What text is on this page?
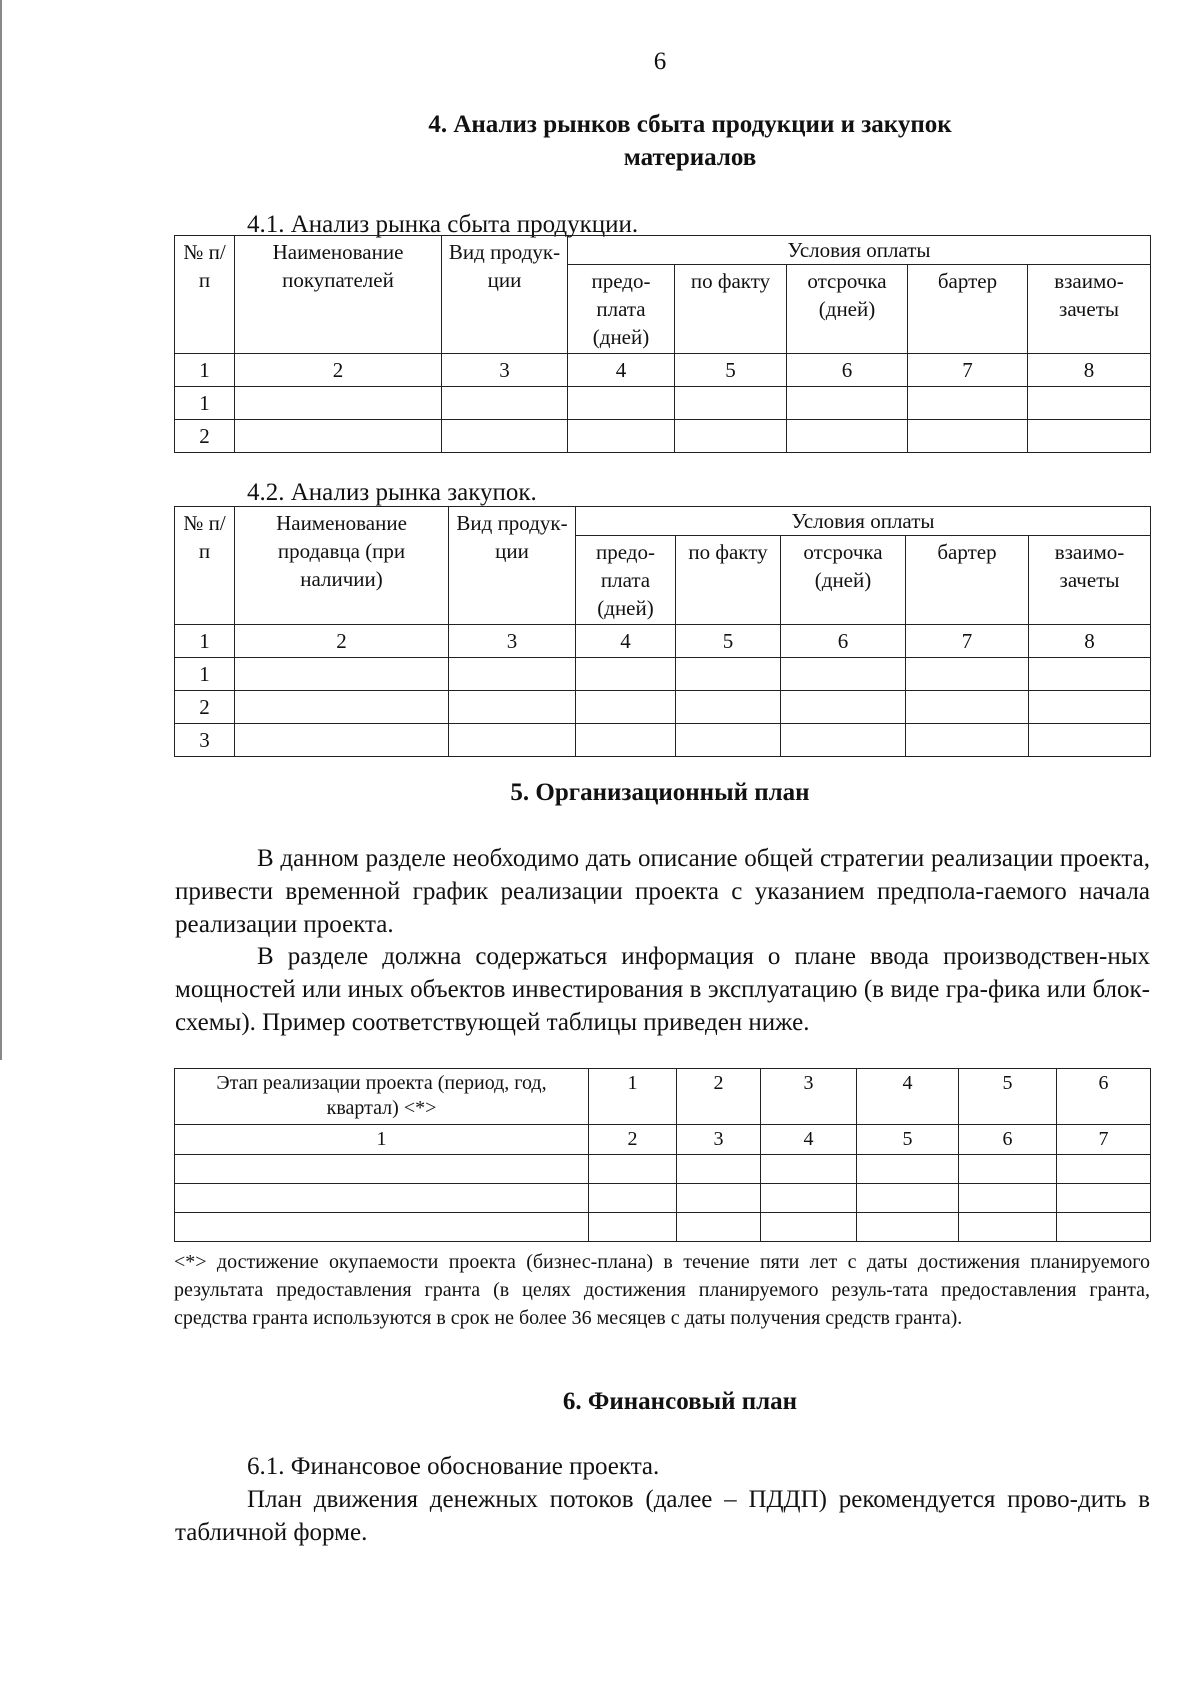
6
4. Анализ рынков сбыта продукции и закупок
материалов
4.1. Анализ рынка сбыта продукции.
№ п/п	Наименование покупателей	Вид продук-ции	Условия оплаты				
			предо-плата (дней)	по факту	отсрочка (дней)	бартер	взаимо-зачеты
1	2	3	4	5	6	7	8
1							
2							
4.2. Анализ рынка закупок.
№ п/п	Наименование продавца (при наличии)	Вид продук-ции	Условия оплаты				
			предо-плата (дней)	по факту	отсрочка (дней)	бартер	взаимо-зачеты
1	2	3	4	5	6	7	8
1							
2							
3							
5. Организационный план
В данном разделе необходимо дать описание общей стратегии реализации проекта, привести временной график реализации проекта с указанием предпола-гаемого начала реализации проекта.
В разделе должна содержаться информация о плане ввода производствен-ных мощностей или иных объектов инвестирования в эксплуатацию (в виде гра-фика или блок-схемы). Пример соответствующей таблицы приведен ниже.
Этап реализации проекта (период, год, квартал) <*>	1	2	3	4	5	6
1	2	3	4	5	6	7

<*> достижение окупаемости проекта (бизнес-плана) в течение пяти лет с даты достижения планируемого результата предоставления гранта (в целях достижения планируемого резуль-тата предоставления гранта, средства гранта используются в срок не более 36 месяцев с даты получения средств гранта).
6. Финансовый план
6.1. Финансовое обоснование проекта.
План движения денежных потоков (далее – ПДДП) рекомендуется прово-дить в табличной форме.
